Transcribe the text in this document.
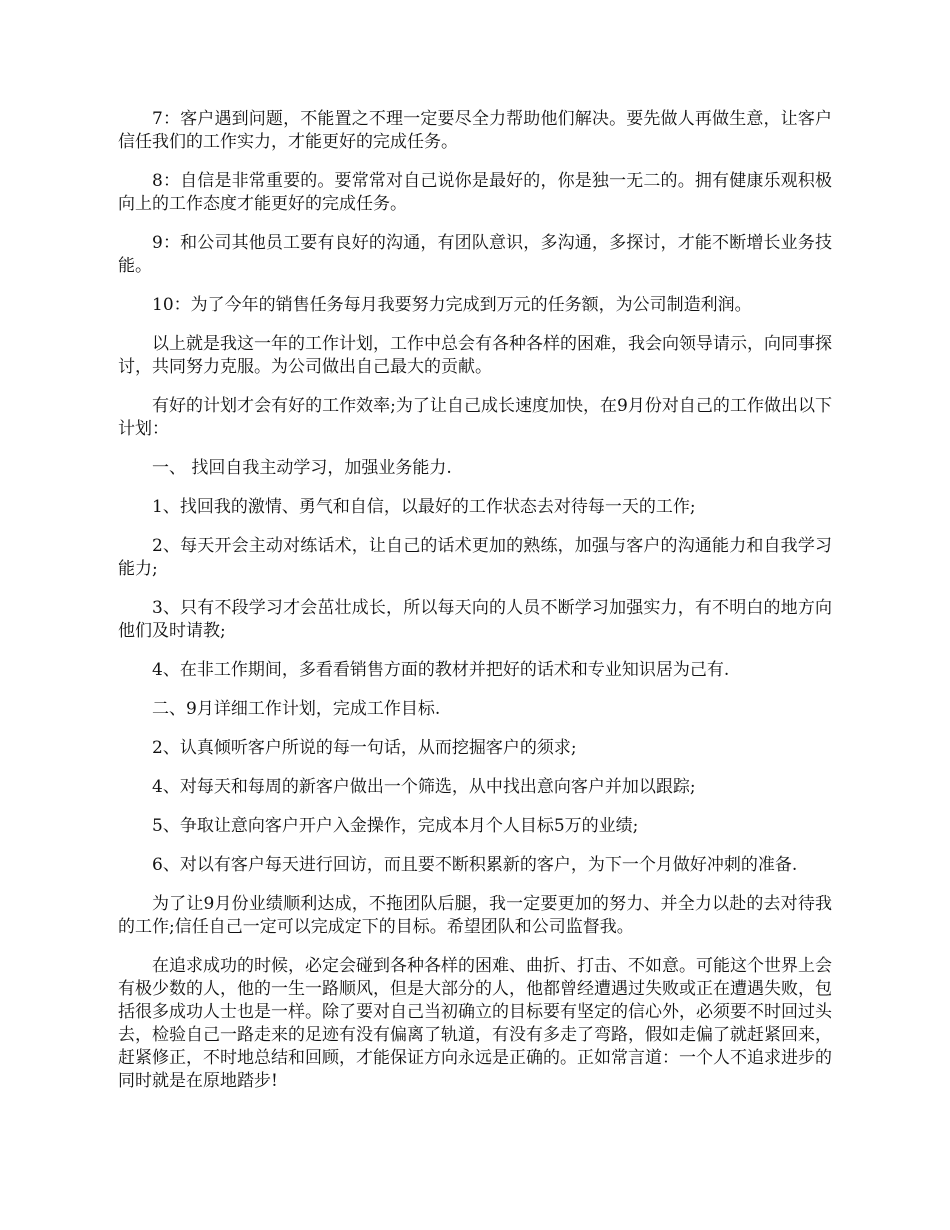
7：客户遇到问题，不能置之不理一定要尽全力帮助他们解决。要先做人再做生意，让客户信任我们的工作实力，才能更好的完成任务。

8：自信是非常重要的。要常常对自己说你是最好的，你是独一无二的。拥有健康乐观积极向上的工作态度才能更好的完成任务。

9：和公司其他员工要有良好的沟通，有团队意识，多沟通，多探讨，才能不断增长业务技能。

10：为了今年的销售任务每月我要努力完成到万元的任务额，为公司制造利润。

以上就是我这一年的工作计划，工作中总会有各种各样的困难，我会向领导请示，向同事探讨，共同努力克服。为公司做出自己最大的贡献。

有好的计划才会有好的工作效率;为了让自己成长速度加快，在9月份对自己的工作做出以下计划：

一、 找回自我主动学习，加强业务能力.

1、找回我的激情、勇气和自信，以最好的工作状态去对待每一天的工作;

2、每天开会主动对练话术，让自己的话术更加的熟练，加强与客户的沟通能力和自我学习能力;

3、只有不段学习才会茁壮成长，所以每天向的人员不断学习加强实力，有不明白的地方向他们及时请教;

4、在非工作期间，多看看销售方面的教材并把好的话术和专业知识居为己有.

二、9月详细工作计划，完成工作目标.

2、认真倾听客户所说的每一句话，从而挖掘客户的须求;

4、对每天和每周的新客户做出一个筛选，从中找出意向客户并加以跟踪;

5、争取让意向客户开户入金操作，完成本月个人目标5万的业绩;

6、对以有客户每天进行回访，而且要不断积累新的客户，为下一个月做好冲刺的准备.

为了让9月份业绩顺利达成，不拖团队后腿，我一定要更加的努力、并全力以赴的去对待我的工作;信任自己一定可以完成定下的目标。希望团队和公司监督我。

在追求成功的时候，必定会碰到各种各样的困难、曲折、打击、不如意。可能这个世界上会有极少数的人，他的一生一路顺风，但是大部分的人，他都曾经遭遇过失败或正在遭遇失败，包括很多成功人士也是一样。除了要对自己当初确立的目标要有坚定的信心外，必须要不时回过头去，检验自己一路走来的足迹有没有偏离了轨道，有没有多走了弯路，假如走偏了就赶紧回来，赶紧修正，不时地总结和回顾，才能保证方向永远是正确的。正如常言道：一个人不追求进步的同时就是在原地踏步!
